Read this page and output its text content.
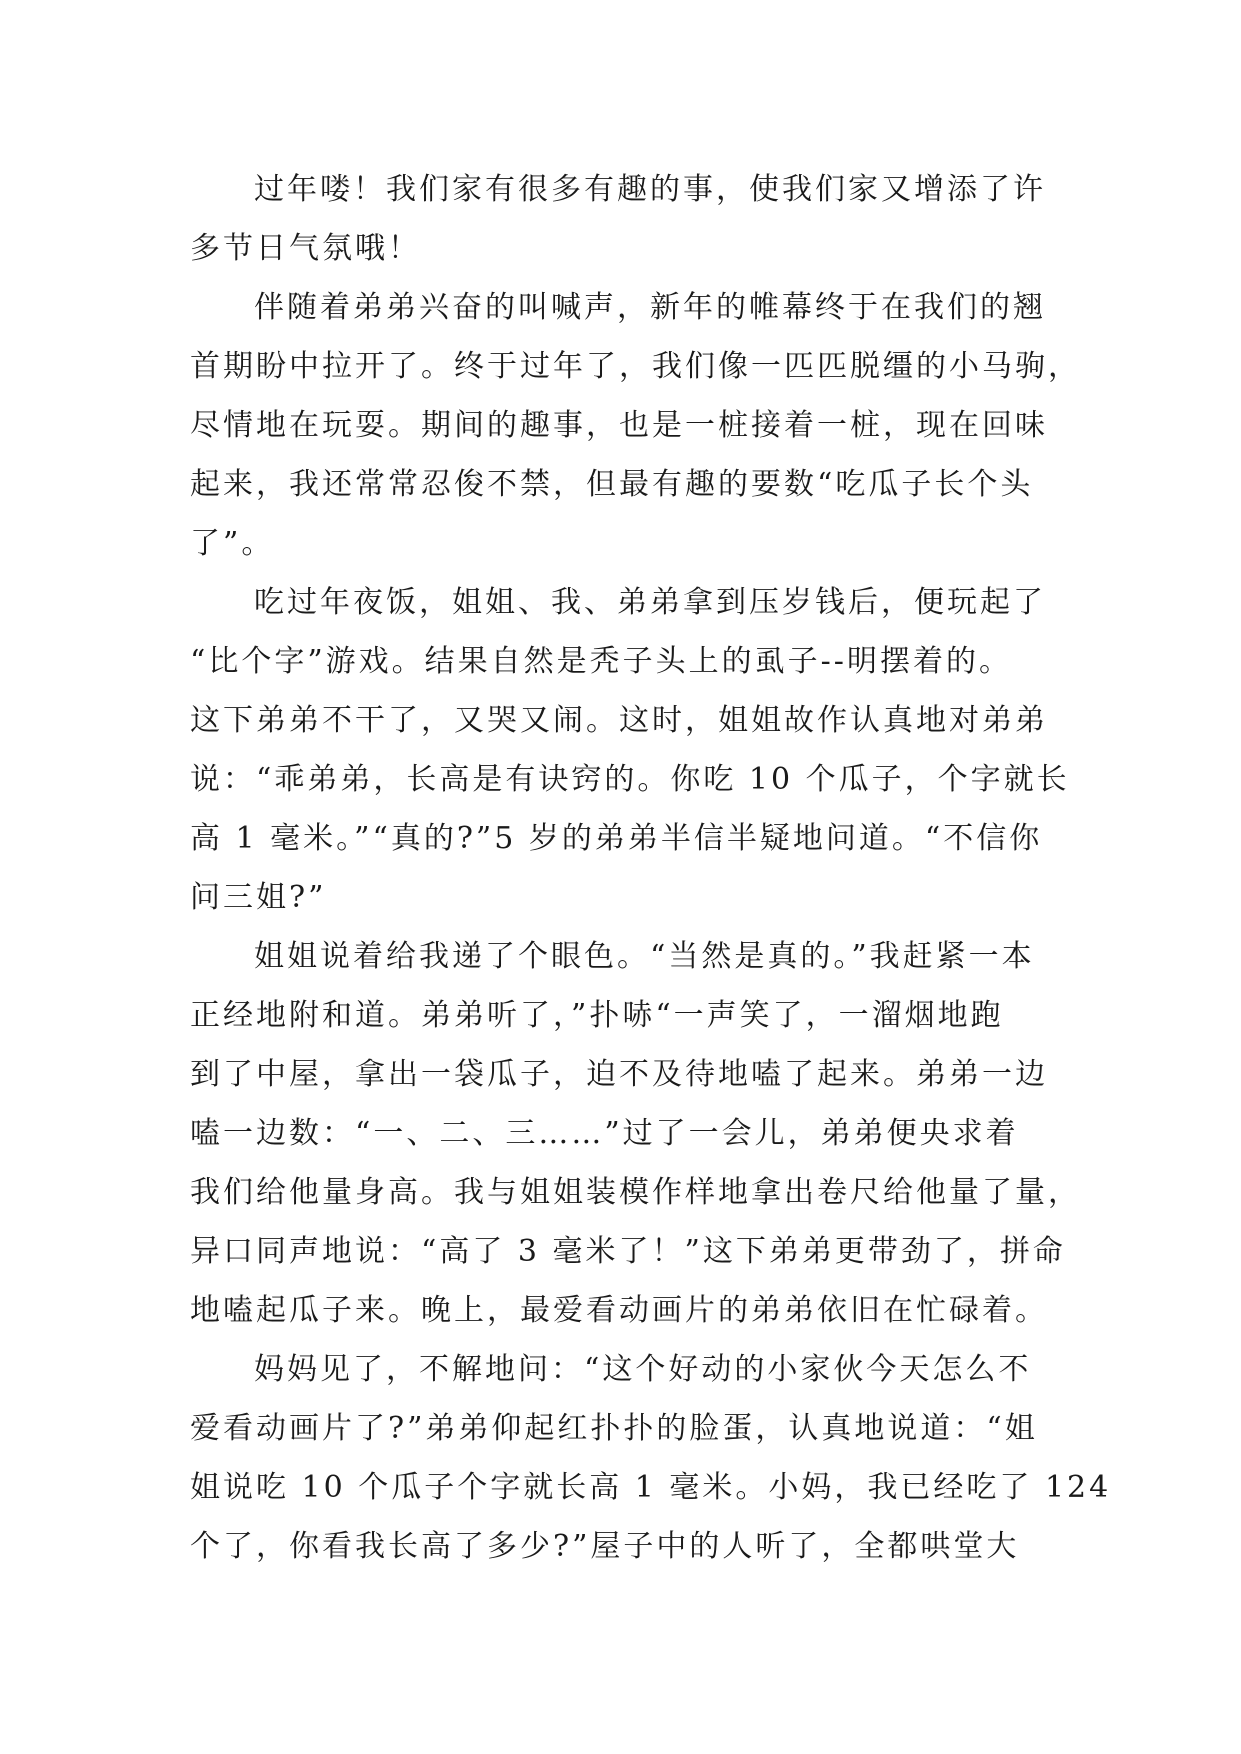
过年喽！我们家有很多有趣的事，使我们家又增添了许
多节日气氛哦！
伴随着弟弟兴奋的叫喊声，新年的帷幕终于在我们的翘
首期盼中拉开了。终于过年了，我们像一匹匹脱缰的小马驹，
尽情地在玩耍。期间的趣事，也是一桩接着一桩，现在回味
起来，我还常常忍俊不禁，但最有趣的要数“吃瓜子长个头
了”。
吃过年夜饭，姐姐、我、弟弟拿到压岁钱后，便玩起了
“比个字”游戏。结果自然是秃子头上的虱子--明摆着的。
这下弟弟不干了，又哭又闹。这时，姐姐故作认真地对弟弟
说：“乖弟弟，长高是有诀窍的。你吃 10 个瓜子，个字就长
高 1 毫米。”“真的?”5 岁的弟弟半信半疑地问道。“不信你
问三姐?”
姐姐说着给我递了个眼色。“当然是真的。”我赶紧一本
正经地附和道。弟弟听了，”扑哧“一声笑了，一溜烟地跑
到了中屋，拿出一袋瓜子，迫不及待地嗑了起来。弟弟一边
嗑一边数：“一、二、三……”过了一会儿，弟弟便央求着
我们给他量身高。我与姐姐装模作样地拿出卷尺给他量了量，
异口同声地说：“高了 3 毫米了！”这下弟弟更带劲了，拼命
地嗑起瓜子来。晚上，最爱看动画片的弟弟依旧在忙碌着。
妈妈见了，不解地问：“这个好动的小家伙今天怎么不
爱看动画片了?”弟弟仰起红扑扑的脸蛋，认真地说道：“姐
姐说吃 10 个瓜子个字就长高 1 毫米。小妈，我已经吃了 124
个了，你看我长高了多少?”屋子中的人听了，全都哄堂大
